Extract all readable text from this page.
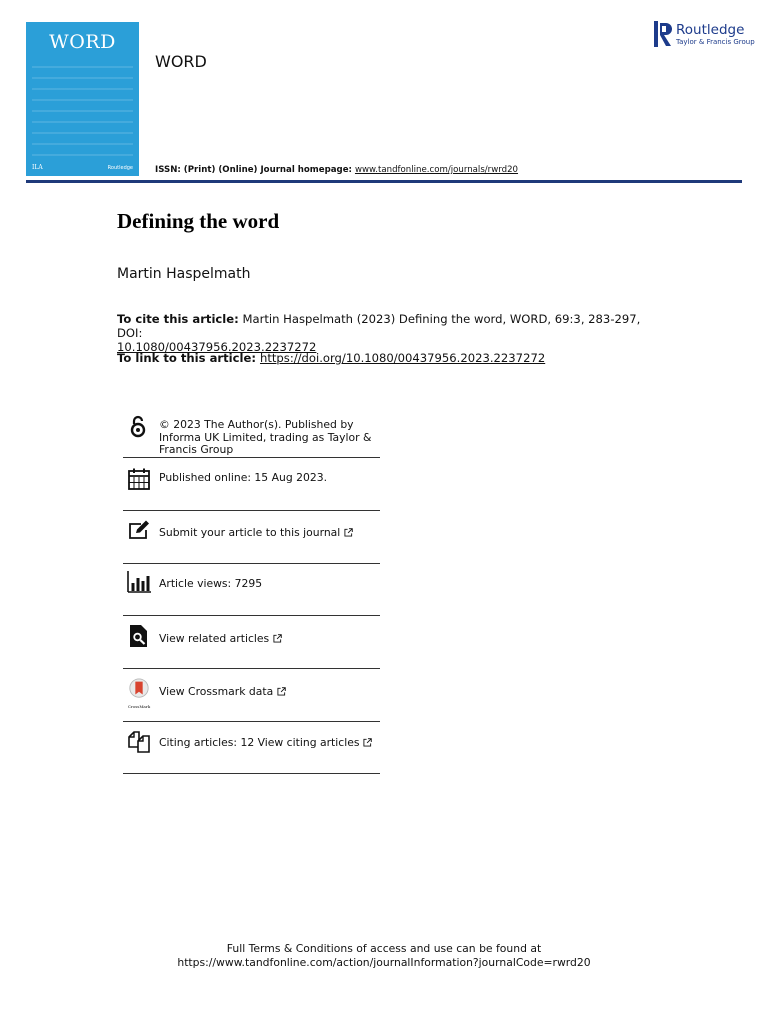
WORD
ILA	Routledge
WORD
Routledge
Taylor & Francis Group
ISSN: (Print) (Online) Journal homepage: www.tandfonline.com/journals/rwrd20
Defining the word
Martin Haspelmath
To cite this article: Martin Haspelmath (2023) Defining the word, WORD, 69:3, 283-297, DOI:
10.1080/00437956.2023.2237272
To link to this article: https://doi.org/10.1080/00437956.2023.2237272
© 2023 The Author(s). Published by Informa UK Limited, trading as Taylor & Francis Group
Published online: 15 Aug 2023.
Submit your article to this journal
Article views: 7295
View related articles
CrossMark
View Crossmark data
Citing articles: 12 View citing articles
Full Terms & Conditions of access and use can be found at
https://www.tandfonline.com/action/journalInformation?journalCode=rwrd20
